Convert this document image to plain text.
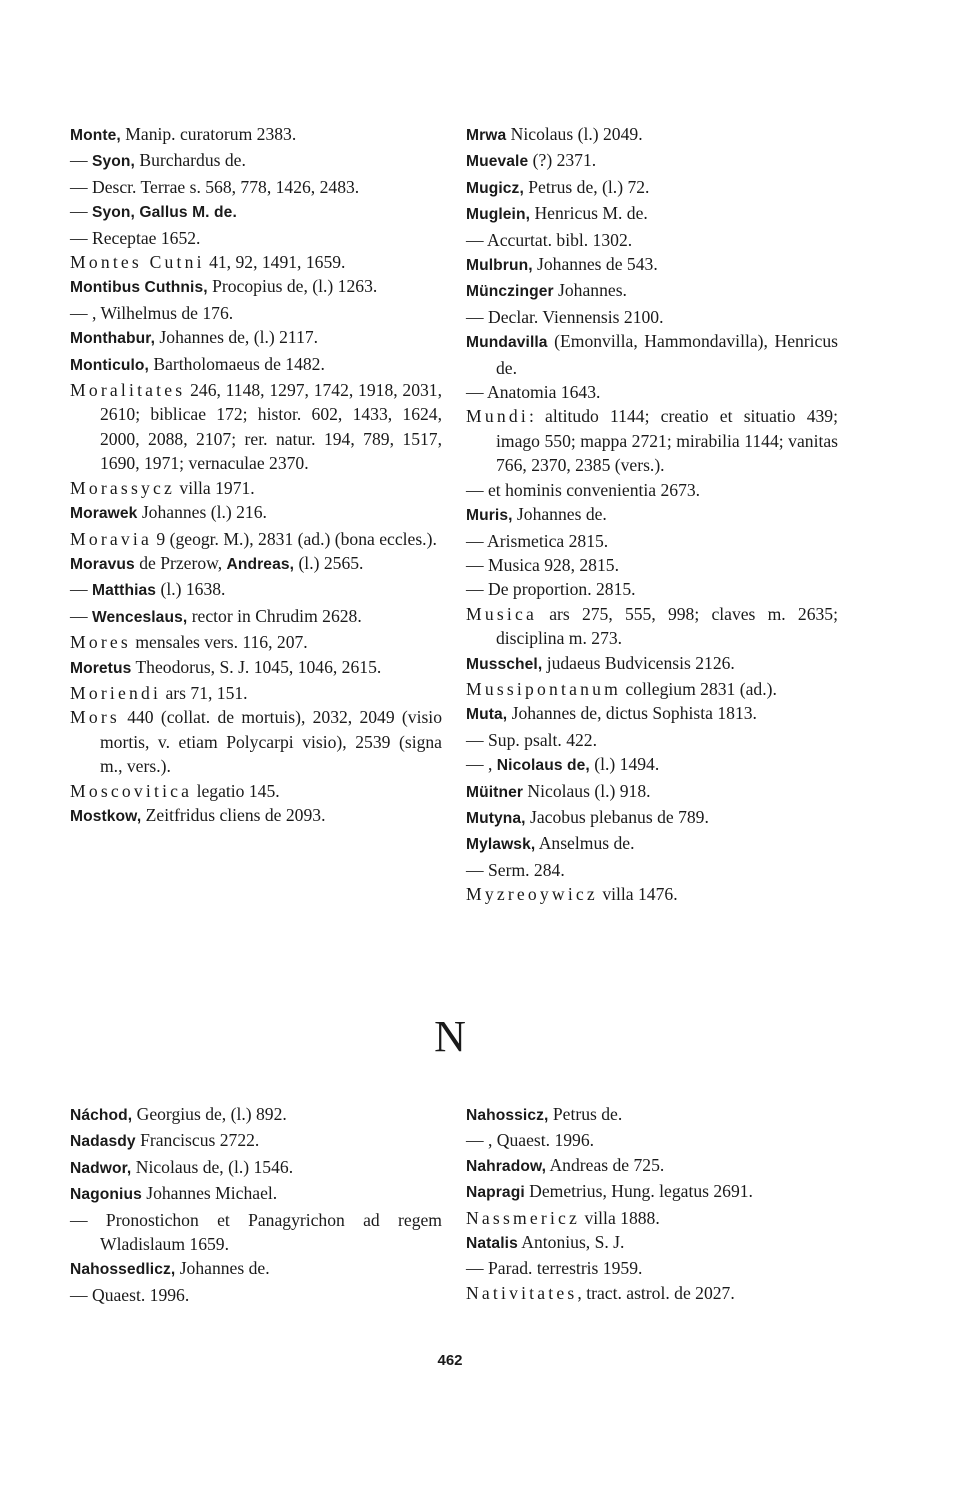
Monte, Manip. curatorum 2383.

— Syon, Burchardus de.

— Descr. Terrae s. 568, 778, 1426, 2483.

— Syon, Gallus M. de.

— Receptae 1652.

Montes Cutni 41, 92, 1491, 1659.

Montibus Cuthnis, Procopius de, (l.) 1263.

— , Wilhelmus de 176.

Monthabur, Johannes de, (l.) 2117.

Monticulo, Bartholomaeus de 1482.

Moralitates 246, 1148, 1297, 1742, 1918, 2031, 2610; biblicae 172; histor. 602, 1433, 1624, 2000, 2088, 2107; rer. natur. 194, 789, 1517, 1690, 1971; vernaculae 2370.

Morassycz villa 1971.

Morawek Johannes (l.) 216.

Moravia 9 (geogr. M.), 2831 (ad.) (bona eccles.).

Moravus de Przerow, Andreas, (l.) 2565.

— Matthias (l.) 1638.

— Wenceslaus, rector in Chrudim 2628.

Mores mensales vers. 116, 207.

Moretus Theodorus, S. J. 1045, 1046, 2615.

Moriendi ars 71, 151.

Mors 440 (collat. de mortuis), 2032, 2049 (visio mortis, v. etiam Polycarpi visio), 2539 (signa m., vers.).

Moscovitica legatio 145.

Mostkow, Zeitfridus cliens de 2093.

Mrwa Nicolaus (l.) 2049.

Muevale (?) 2371.

Mugicz, Petrus de, (l.) 72.

Muglein, Henricus M. de.

— Accurtat. bibl. 1302.

Mulbrun, Johannes de 543.

Münczinger Johannes.

— Declar. Viennensis 2100.

Mundavilla (Emonvilla, Hammondavilla), Henricus de.

— Anatomia 1643.

Mundi: altitudo 1144; creatio et situatio 439; imago 550; mappa 2721; mirabilia 1144; vanitas 766, 2370, 2385 (vers.).

— et hominis convenientia 2673.

Muris, Johannes de.

— Arismetica 2815.

— Musica 928, 2815.

— De proportion. 2815.

Musica ars 275, 555, 998; claves m. 2635; disciplina m. 273.

Musschel, judaeus Budvicensis 2126.

Mussipontanum collegium 2831 (ad.).

Muta, Johannes de, dictus Sophista 1813.

— Sup. psalt. 422.

— , Nicolaus de, (l.) 1494.

Müitner Nicolaus (l.) 918.

Mutyna, Jacobus plebanus de 789.

Mylawsk, Anselmus de.

— Serm. 284.

Myzreoywicz villa 1476.

N

Náchod, Georgius de, (l.) 892.

Nadasdy Franciscus 2722.

Nadwor, Nicolaus de, (l.) 1546.

Nagonius Johannes Michael.

— Pronostichon et Panagyrichon ad regem Wladislaum 1659.

Nahossedlicz, Johannes de.

— Quaest. 1996.

Nahossicz, Petrus de.

— , Quaest. 1996.

Nahradow, Andreas de 725.

Napragi Demetrius, Hung. legatus 2691.

Nassmericz villa 1888.

Natalis Antonius, S. J.

— Parad. terrestris 1959.

Nativitates, tract. astrol. de 2027.

462
